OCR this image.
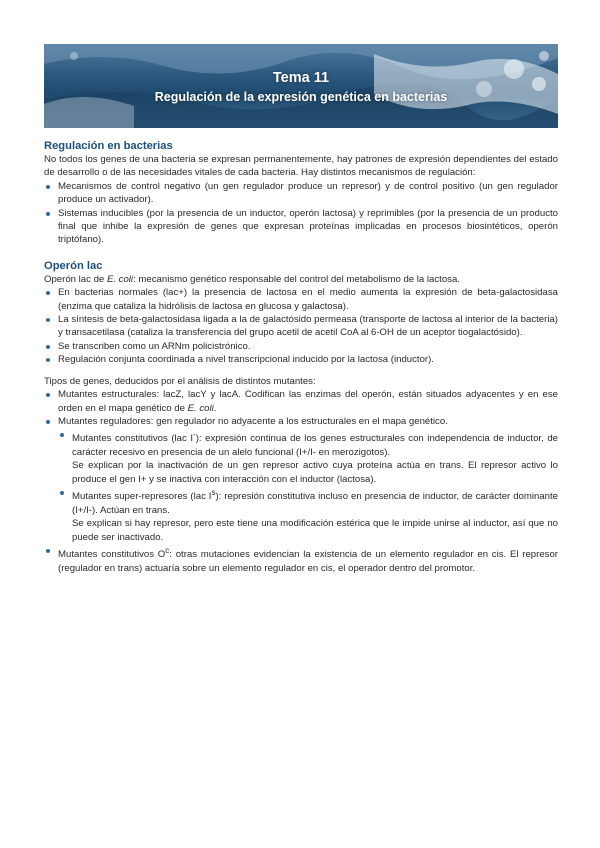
Tema 11
Regulación de la expresión genética en bacterias
Regulación en bacterias

No todos los genes de una bacteria se expresan permanentemente, hay patrones de expresión dependientes del estado de desarrollo o de las necesidades vitales de cada bacteria. Hay distintos mecanismos de regulación:

Mecanismos de control negativo (un gen regulador produce un represor) y de control positivo (un gen regulador produce un activador).
Sistemas inducibles (por la presencia de un inductor, operón lactosa) y reprimibles (por la presencia de un producto final que inhibe la expresión de genes que expresan proteínas implicadas en procesos biosintéticos, operón triptófano).
Operón lac

Operón lac de E. coli: mecanismo genético responsable del control del metabolismo de la lactosa.

En bacterias normales (lac+) la presencia de lactosa en el medio aumenta la expresión de beta-galactosidasa (enzima que cataliza la hidrólisis de lactosa en glucosa y galactosa).
La síntesis de beta-galactosidasa ligada a la de galactósido permeasa (transporte de lactosa al interior de la bacteria) y transacetilasa (cataliza la transferencia del grupo acetil de acetil CoA al 6-OH de un aceptor tiogalactósido).
Se transcriben como un ARNm policistrónico.
Regulación conjunta coordinada a nivel transcripcional inducido por la lactosa (inductor).

Tipos de genes, deducidos por el análisis de distintos mutantes:

Mutantes estructurales: lacZ, lacY y lacA. Codifican las enzimas del operón, están situados adyacentes y en ese orden en el mapa genético de E. coli.
Mutantes reguladores: gen regulador no adyacente a los estructurales en el mapa genético.
Mutantes constitutivos (lac I-): expresión continua de los genes estructurales con independencia de inductor, de carácter recesivo en presencia de un alelo funcional (I+/I- en merozigotos).

Se explican por la inactivación de un gen represor activo cuya proteína actúa en trans. El represor activo lo produce el gen I+ y se inactiva con interacción con el inductor (lactosa).

Mutantes super-represores (lac $I^s$): represión constitutiva incluso en presencia de inductor, de carácter dominante (I+/I-). Actúan en trans.

Se explican si hay represor, pero este tiene una modificación estérica que le impide unirse al inductor, así que no puede ser inactivado.

Mutantes constitutivos $O^c$: otras mutaciones evidencian la existencia de un elemento regulador en cis. El represor (regulador en trans) actuaría sobre un elemento regulador en cis, el operador dentro del promotor.
